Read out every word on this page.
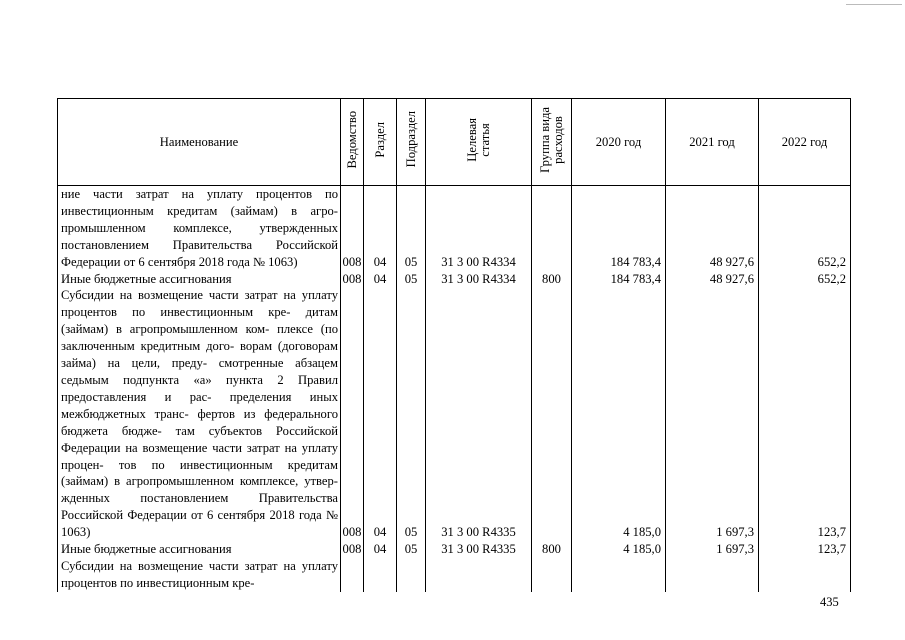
Наименование	Ведомство	Раздел	Подраздел	Целевая
статья	Группа вида
расходов	2020 год	2021 год	2022 год
ние части затрат на уплату процентов по инвестиционным кредитам (займам) в агро- промышленном комплексе, утвержденных постановлением Правительства Российской Федерации от 6 сентября 2018 года № 1063)	008	04	05	31 3 00 R4334		184 783,4	48 927,6	652,2
Иные бюджетные ассигнования	008	04	05	31 3 00 R4334	800	184 783,4	48 927,6	652,2
Субсидии на возмещение части затрат на уплату процентов по инвестиционным кре- дитам (займам) в агропромышленном ком- плексе (по заключенным кредитным дого- ворам (договорам займа) на цели, преду- смотренные абзацем седьмым подпункта «а» пункта 2 Правил предоставления и рас- пределения иных межбюджетных транс- фертов из федерального бюджета бюдже- там субъектов Российской Федерации на возмещение части затрат на уплату процен- тов по инвестиционным кредитам (займам) в агропромышленном комплексе, утвер- жденных постановлением Правительства Российской Федерации от 6 сентября 2018 года № 1063)	008	04	05	31 3 00 R4335		4 185,0	1 697,3	123,7
Иные бюджетные ассигнования	008	04	05	31 3 00 R4335	800	4 185,0	1 697,3	123,7
Субсидии на возмещение части затрат на уплату процентов по инвестиционным кре-								
435
